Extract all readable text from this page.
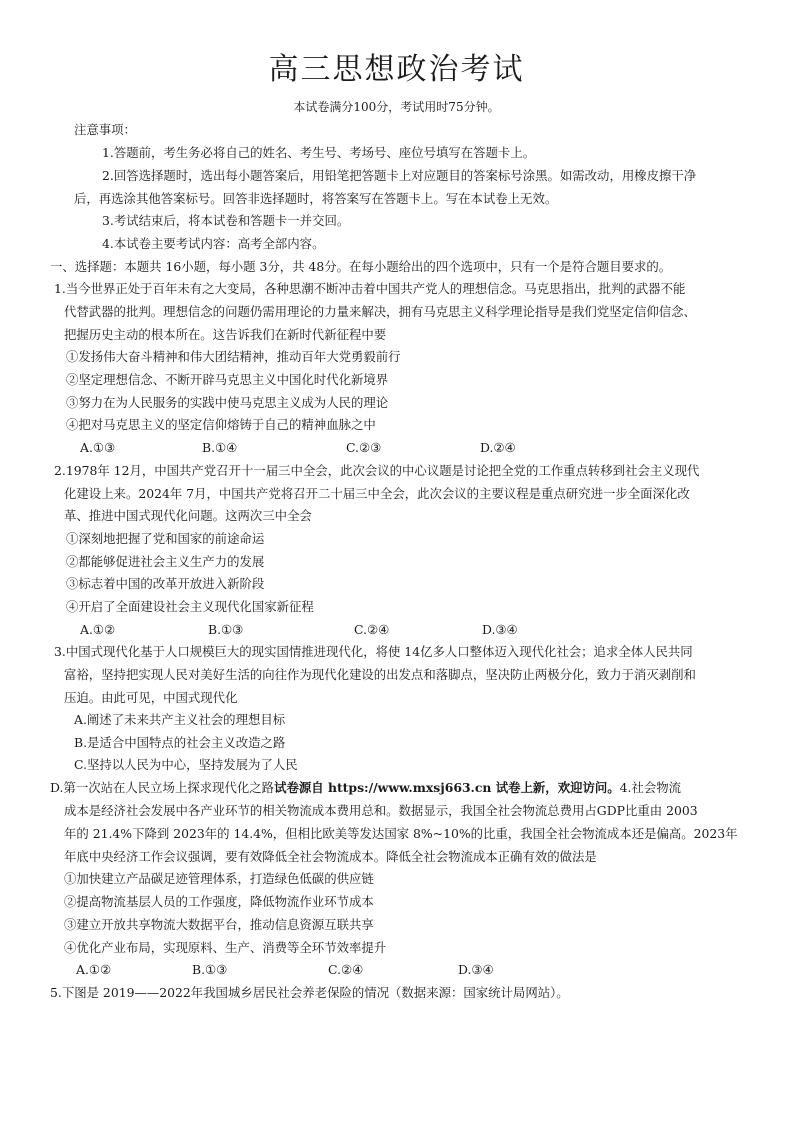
高三思想政治考试
本试卷满分100分，考试用时75分钟。
注意事项：
1.答题前，考生务必将自己的姓名、考生号、考场号、座位号填写在答题卡上。
2.回答选择题时，选出每小题答案后，用铅笔把答题卡上对应题目的答案标号涂黑。如需改动，用橡皮擦干净
后，再选涂其他答案标号。回答非选择题时，将答案写在答题卡上。写在本试卷上无效。
3.考试结束后，将本试卷和答题卡一并交回。
4.本试卷主要考试内容：高考全部内容。
一、选择题：本题共 16小题，每小题 3分，共 48分。在每小题给出的四个选项中，只有一个是符合题目要求的。
1.当今世界正处于百年未有之大变局，各种思潮不断冲击着中国共产党人的理想信念。马克思指出，批判的武器不能
代替武器的批判。理想信念的问题仍需用理论的力量来解决，拥有马克思主义科学理论指导是我们党坚定信仰信念、
把握历史主动的根本所在。这告诉我们在新时代新征程中要
①发扬伟大奋斗精神和伟大团结精神，推动百年大党勇毅前行
②坚定理想信念、不断开辟马克思主义中国化时代化新境界
③努力在为人民服务的实践中使马克思主义成为人民的理论
④把对马克思主义的坚定信仰熔铸于自己的精神血脉之中
A.①③	B.①④	C.②③	D.②④
2.1978年 12月，中国共产党召开十一届三中全会，此次会议的中心议题是讨论把全党的工作重点转移到社会主义现代
化建设上来。2024年 7月，中国共产党将召开二十届三中全会，此次会议的主要议程是重点研究进一步全面深化改
革、推进中国式现代化问题。这两次三中全会
①深刻地把握了党和国家的前途命运
②都能够促进社会主义生产力的发展
③标志着中国的改革开放进入新阶段
④开启了全面建设社会主义现代化国家新征程
A.①②	B.①③	C.②④	D.③④
3.中国式现代化基于人口规模巨大的现实国情推进现代化，将使 14亿多人口整体迈入现代化社会；追求全体人民共同
富裕，坚持把实现人民对美好生活的向往作为现代化建设的出发点和落脚点，坚决防止两极分化，致力于消灭剥削和
压迫。由此可见，中国式现代化
A.阐述了未来共产主义社会的理想目标
B.是适合中国特点的社会主义改造之路
C.坚持以人民为中心，坚持发展为了人民
D.第一次站在人民立场上探求现代化之路试卷源自 https://www.mxsj663.cn 试卷上新，欢迎访问。4.社会物流
成本是经济社会发展中各产业环节的相关物流成本费用总和。数据显示，我国全社会物流总费用占GDP比重由 2003
年的 21.4%下降到 2023年的 14.4%，但相比欧美等发达国家 8%~10%的比重，我国全社会物流成本还是偏高。2023年
年底中央经济工作会议强调，要有效降低全社会物流成本。降低全社会物流成本正确有效的做法是
①加快建立产品碳足迹管理体系，打造绿色低碳的供应链
②提高物流基层人员的工作强度，降低物流作业环节成本
③建立开放共享物流大数据平台，推动信息资源互联共享
④优化产业布局，实现原料、生产、消费等全环节效率提升
A.①②	B.①③	C.②④	D.③④
5.下图是 2019——2022年我国城乡居民社会养老保险的情况（数据来源：国家统计局网站）。
